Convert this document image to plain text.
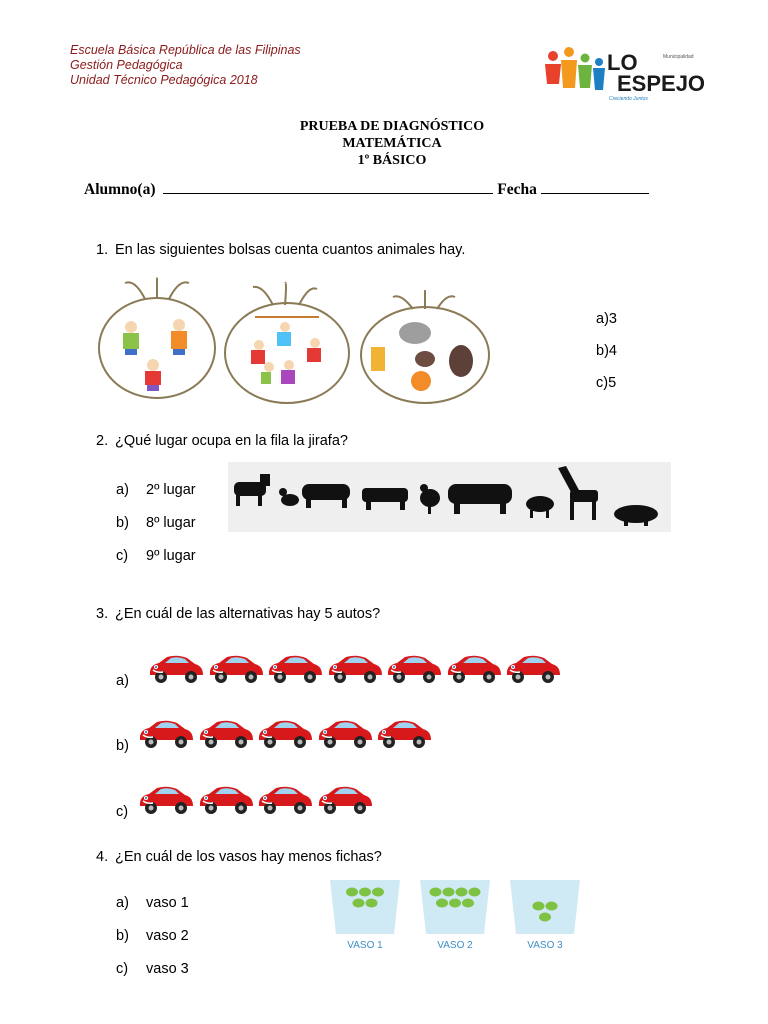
Escuela Básica República de las Filipinas
Gestión Pedagógica
Unidad Técnico Pedagógica 2018
LO	Municipalidad
ESPEJO
Creciendo Juntos
PRUEBA DE DIAGNÓSTICO
MATEMÁTICA
1º BÁSICO
Alumno(a)	Fecha
1. En las siguientes bolsas cuenta cuantos animales hay.
a)3
b)4
c)5
2. ¿Qué lugar ocupa en la fila la jirafa?
a) 2º lugar
b) 8º lugar
c) 9º lugar
3. ¿En cuál de las alternativas hay 5 autos?
a)
b)
c)
4. ¿En cuál de los vasos hay menos fichas?
a) vaso 1
b) vaso 2
c) vaso 3
VASO 1	VASO 2	VASO 3
